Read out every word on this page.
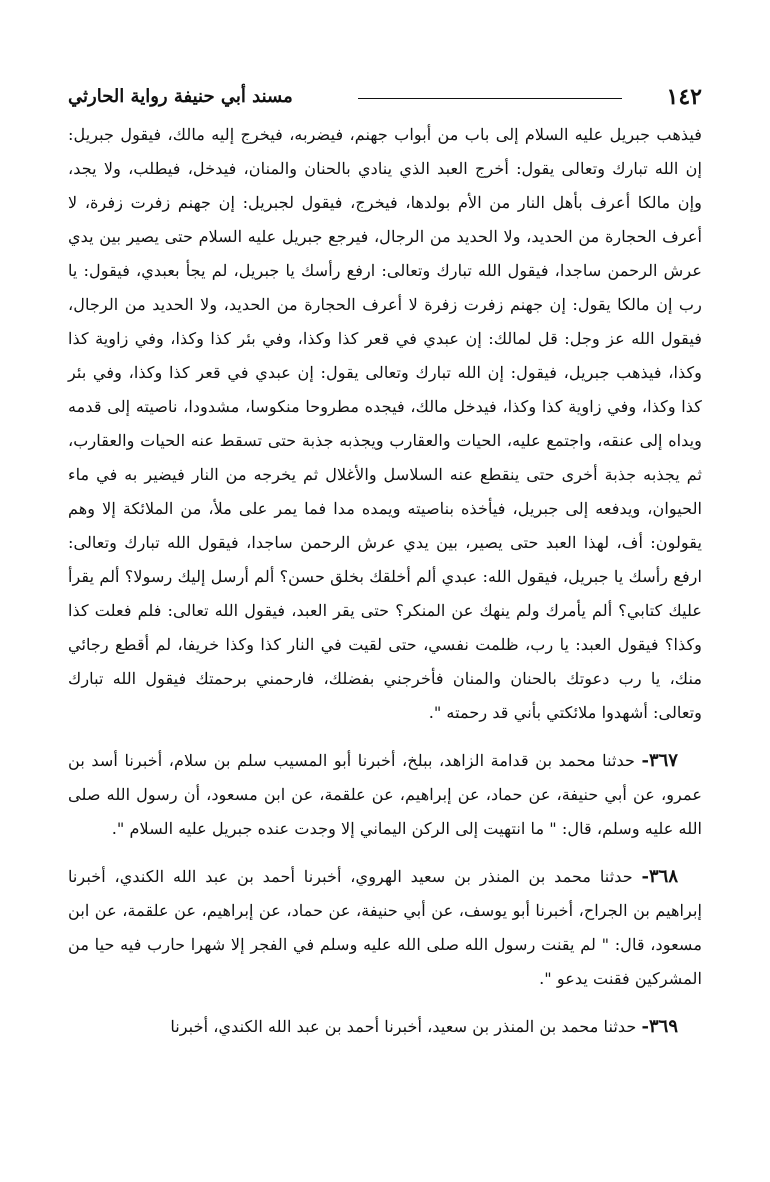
١٤٢
مسند أبي حنيفة رواية الحارثي

فيذهب جبريل عليه السلام إلى باب من أبواب جهنم، فيضربه، فيخرج إليه مالك، فيقول جبريل: إن الله تبارك وتعالى يقول: أخرج العبد الذي ينادي بالحنان والمنان، فيدخل، فيطلب، ولا يجد، وإن مالكا أعرف بأهل النار من الأم بولدها، فيخرج، فيقول لجبريل: إن جهنم زفرت زفرة، لا أعرف الحجارة من الحديد، ولا الحديد من الرجال، فيرجع جبريل عليه السلام حتى يصير بين يدي عرش الرحمن ساجدا، فيقول الله تبارك وتعالى: ارفع رأسك يا جبريل، لم يجأ بعبدي، فيقول: يا رب إن مالكا يقول: إن جهنم زفرت زفرة لا أعرف الحجارة من الحديد، ولا الحديد من الرجال، فيقول الله عز وجل: قل لمالك: إن عبدي في قعر كذا وكذا، وفي بئر كذا وكذا، وفي زاوية كذا وكذا، فيذهب جبريل، فيقول: إن الله تبارك وتعالى يقول: إن عبدي في قعر كذا وكذا، وفي بئر كذا وكذا، وفي زاوية كذا وكذا، فيدخل مالك، فيجده مطروحا منكوسا، مشدودا، ناصيته إلى قدمه ويداه إلى عنقه، واجتمع عليه، الحيات والعقارب ويجذبه جذبة حتى تسقط عنه الحيات والعقارب، ثم يجذبه جذبة أخرى حتى ينقطع عنه السلاسل والأغلال ثم يخرجه من النار فيضير به في ماء الحيوان، ويدفعه إلى جبريل، فيأخذه بناصيته ويمده مدا فما يمر على ملأ، من الملائكة إلا وهم يقولون: أف، لهذا العبد حتى يصير، بين يدي عرش الرحمن ساجدا، فيقول الله تبارك وتعالى: ارفع رأسك يا جبريل، فيقول الله: عبدي ألم أخلقك بخلق حسن؟ ألم أرسل إليك رسولا؟ ألم يقرأ عليك كتابي؟ ألم يأمرك ولم ينهك عن المنكر؟ حتى يقر العبد، فيقول الله تعالى: فلم فعلت كذا وكذا؟ فيقول العبد: يا رب، ظلمت نفسي، حتى لقيت في النار كذا وكذا خريفا، لم أقطع رجائي منك، يا رب دعوتك بالحنان والمنان فأخرجني بفضلك، فارحمني برحمتك فيقول الله تبارك وتعالى: أشهدوا ملائكتي بأني قد رحمته ".

٣٦٧- حدثنا محمد بن قدامة الزاهد، ببلخ، أخبرنا أبو المسيب سلم بن سلام، أخبرنا أسد بن عمرو، عن أبي حنيفة، عن حماد، عن إبراهيم، عن علقمة، عن ابن مسعود، أن رسول الله صلى الله عليه وسلم، قال: " ما انتهيت إلى الركن اليماني إلا وجدت عنده جبريل عليه السلام ".

٣٦٨- حدثنا محمد بن المنذر بن سعيد الهروي، أخبرنا أحمد بن عبد الله الكندي، أخبرنا إبراهيم بن الجراح، أخبرنا أبو يوسف، عن أبي حنيفة، عن حماد، عن إبراهيم، عن علقمة، عن ابن مسعود، قال: " لم يقنت رسول الله صلى الله عليه وسلم في الفجر إلا شهرا حارب فيه حيا من المشركين فقنت يدعو ".

٣٦٩- حدثنا محمد بن المنذر بن سعيد، أخبرنا أحمد بن عبد الله الكندي، أخبرنا
